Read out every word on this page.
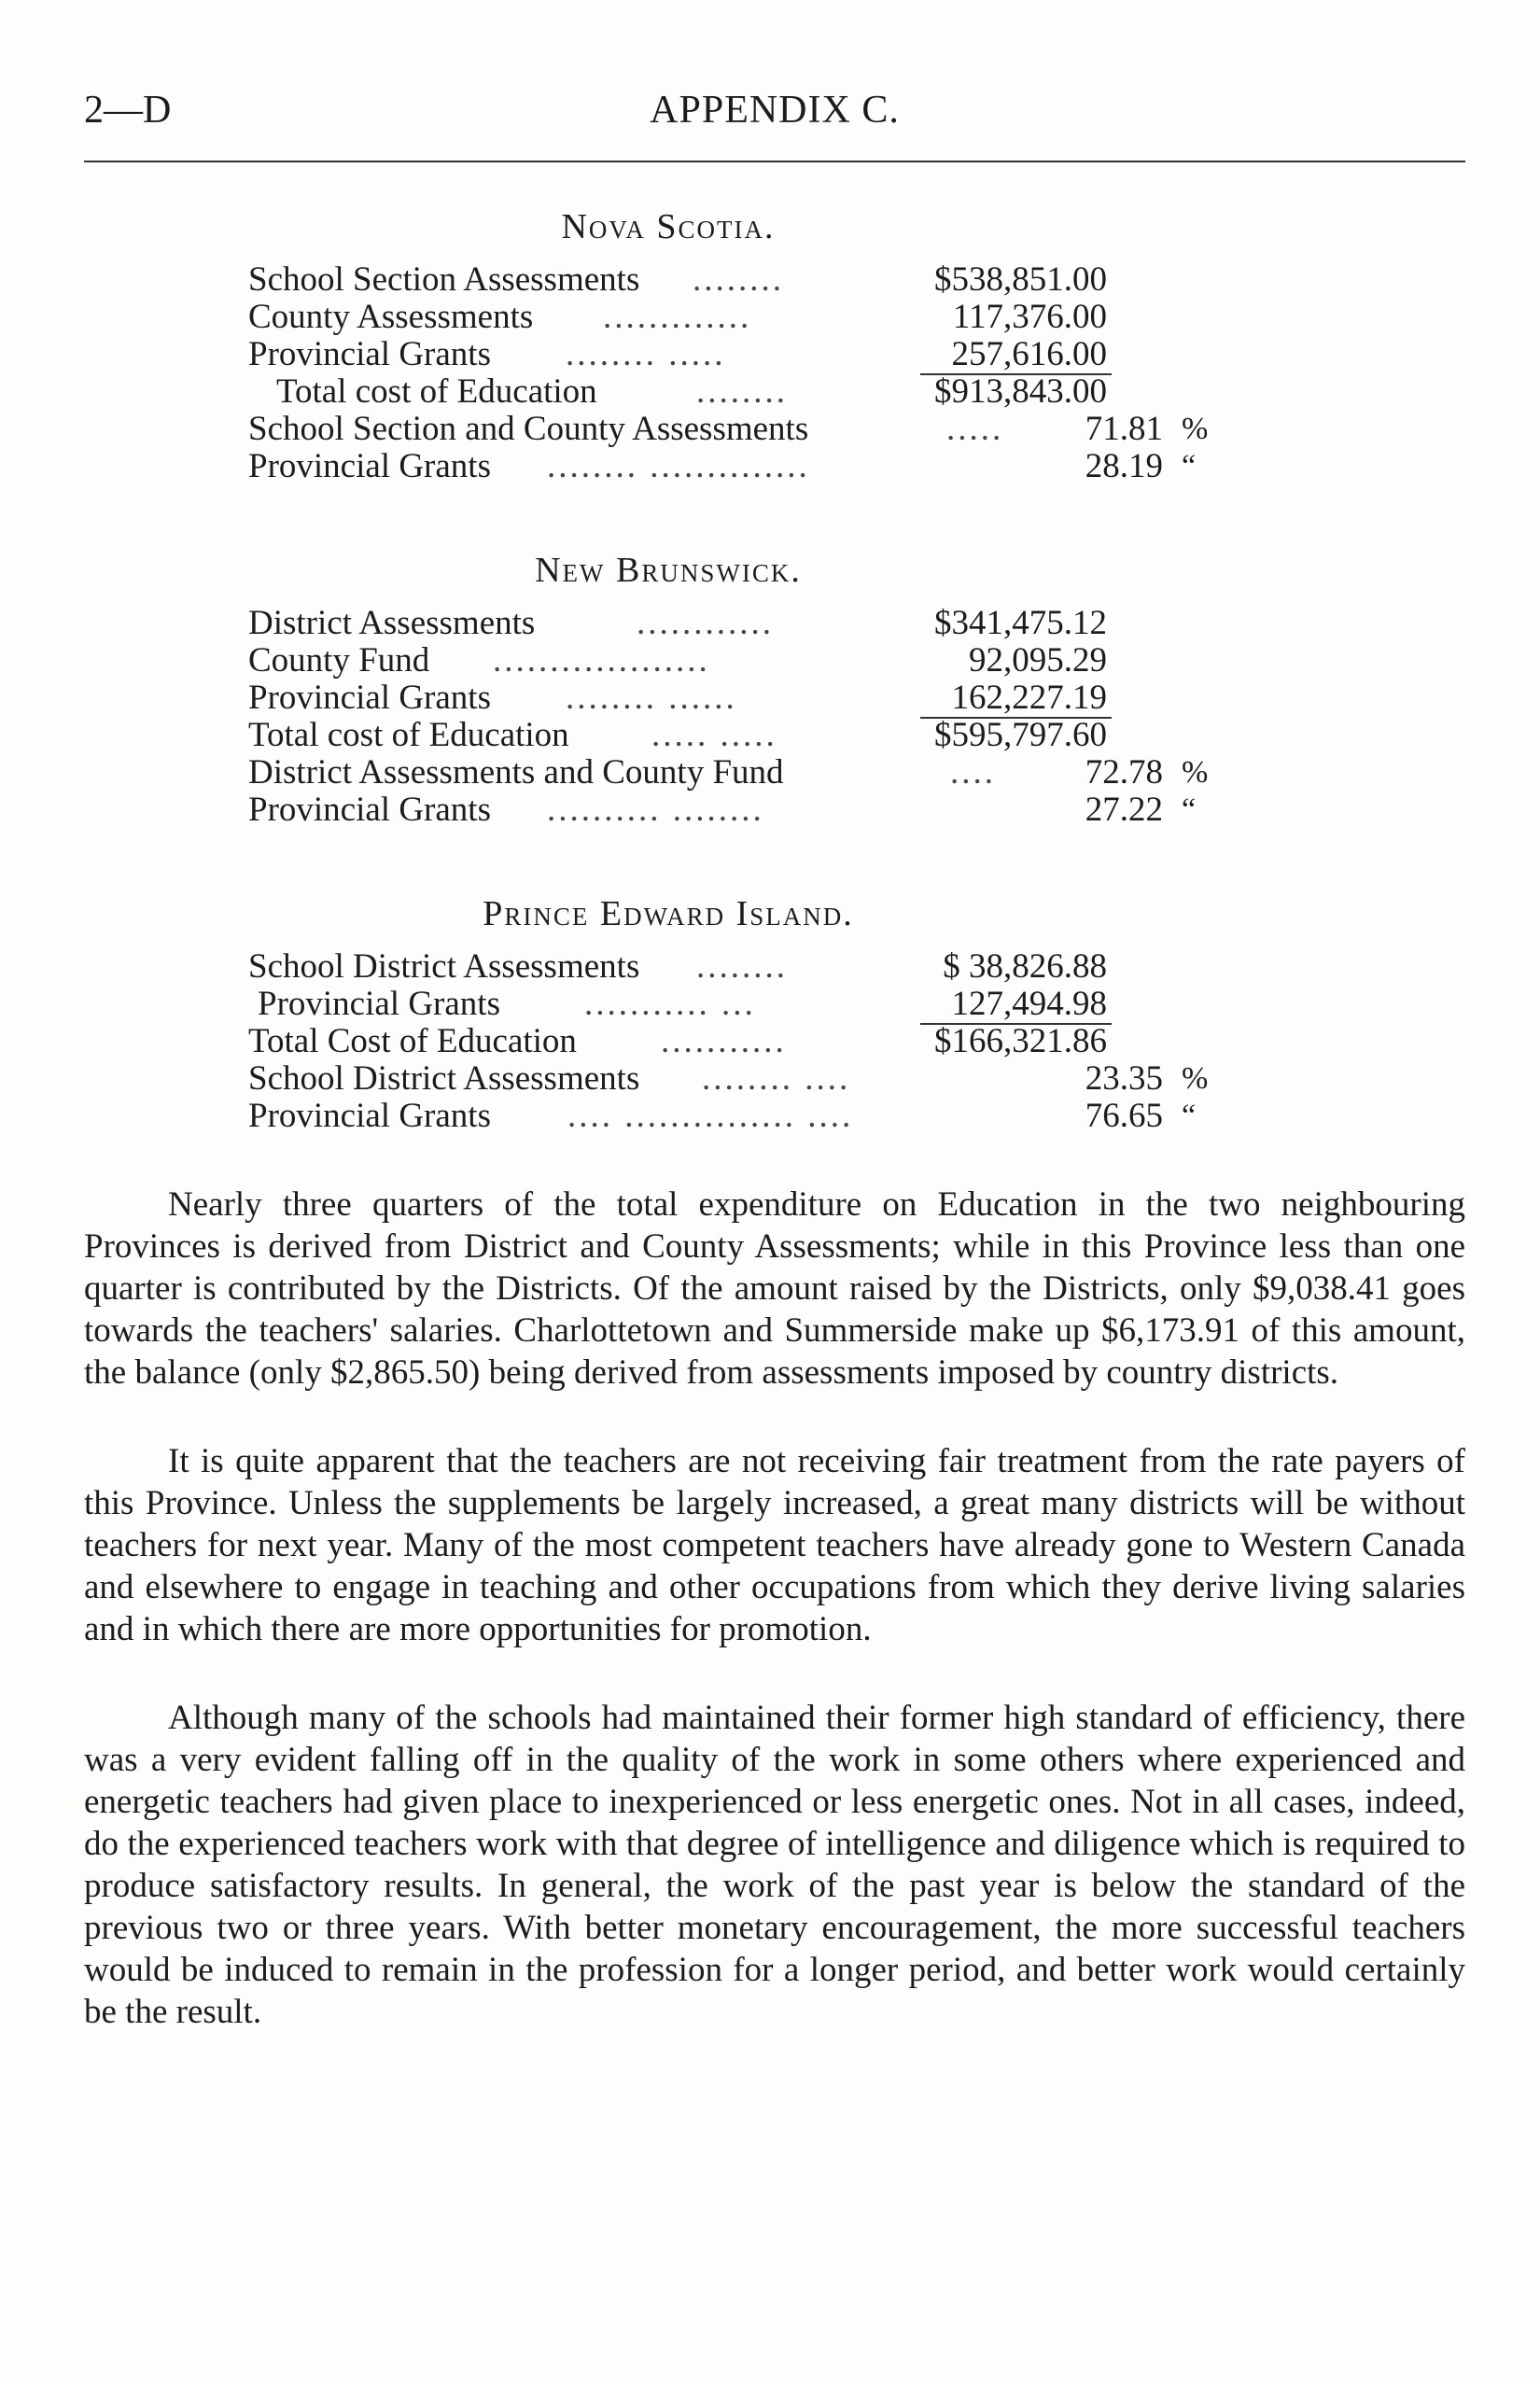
APPENDIX C.
2—D
Nova Scotia.
School Section Assessments ........	$538,851.00
County Assessments .............	117,376.00
Provincial Grants ........ .....	257,616.00
Total cost of Education	........	$913,843.00
School Section and County Assessments	.....	71.81 %
Provincial Grants ........ ..............	28.19 “
New Brunswick.
District Assessments	............	$341,475.12
County Fund ...................	92,095.29
Provincial Grants ........ ......	162,227.19
Total cost of Education ..... .....	$595,797.60
District Assessments and County Fund	....	72.78 %
Provincial Grants .......... ........	27.22 “
Prince Edward Island.
School District Assessments ........	$ 38,826.88
Provincial Grants ........... ...	127,494.98
Total Cost of Education ...........	$166,321.86
School District Assessments ........ ....	23.35 %
Provincial Grants .... ............... ....	76.65 “

Nearly three quarters of the total expenditure on Education in the two neighbouring Provinces is derived from District and County Assessments; while in this Province less than one quarter is contributed by the Districts. Of the amount raised by the Districts, only $9,038.41 goes towards the teachers' salaries. Charlottetown and Summerside make up $6,173.91 of this amount, the balance (only $2,865.50) being derived from assessments imposed by country districts.

It is quite apparent that the teachers are not receiving fair treatment from the rate payers of this Province. Unless the supplements be largely increased, a great many districts will be without teachers for next year. Many of the most competent teachers have already gone to Western Canada and elsewhere to engage in teaching and other occupations from which they derive living salaries and in which there are more opportunities for promotion.

Although many of the schools had maintained their former high standard of efficiency, there was a very evident falling off in the quality of the work in some others where experienced and energetic teachers had given place to inexperienced or less energetic ones. Not in all cases, indeed, do the experienced teachers work with that degree of intelligence and diligence which is required to produce satisfactory results. In general, the work of the past year is below the standard of the previous two or three years. With better monetary encouragement, the more successful teachers would be induced to remain in the profession for a longer period, and better work would certainly be the result.
